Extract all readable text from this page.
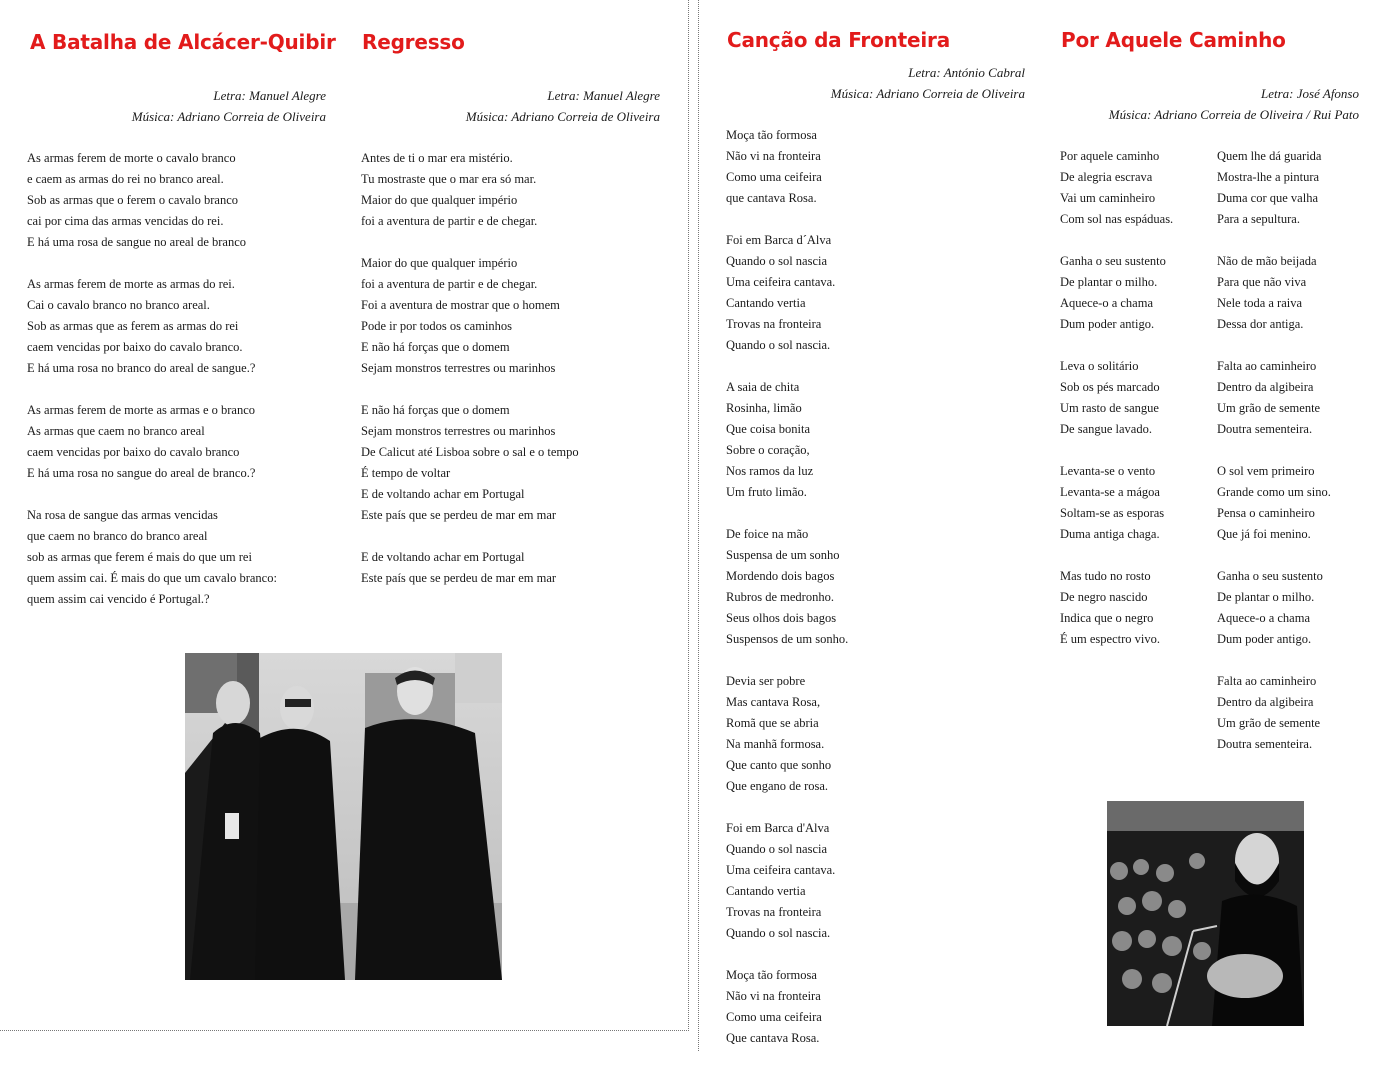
A Batalha de Alcácer-Quibir Regresso
Letra: Manuel Alegre
Música: Adriano Correia de Oliveira
Letra: Manuel Alegre
Música: Adriano Correia de Oliveira
As armas ferem de morte o cavalo branco
e caem as armas do rei no branco areal.
Sob as armas que o ferem o cavalo branco
cai por cima das armas vencidas do rei.
E há uma rosa de sangue no areal de branco
As armas ferem de morte as armas do rei.
Cai o cavalo branco no branco areal.
Sob as armas que as ferem as armas do rei
caem vencidas por baixo do cavalo branco.
E há uma rosa no branco do areal de sangue.?
As armas ferem de morte as armas e o branco
As armas que caem no branco areal
caem vencidas por baixo do cavalo branco
E há uma rosa no sangue do areal de branco.?
Na rosa de sangue das armas vencidas
que caem no branco do branco areal
sob as armas que ferem é mais do que um rei
quem assim cai. É mais do que um cavalo branco:
quem assim cai vencido é Portugal.?
Antes de ti o mar era mistério.
Tu mostraste que o mar era só mar.
Maior do que qualquer império
foi a aventura de partir e de chegar.
Maior do que qualquer império
foi a aventura de partir e de chegar.
Foi a aventura de mostrar que o homem
Pode ir por todos os caminhos
E não há forças que o domem
Sejam monstros terrestres ou marinhos
E não há forças que o domem
Sejam monstros terrestres ou marinhos
De Calicut até Lisboa sobre o sal e o tempo
É tempo de voltar
E de voltando achar em Portugal
Este país que se perdeu de mar em mar
E de voltando achar em Portugal
Este país que se perdeu de mar em mar
Canção da Fronteira	Por Aquele Caminho
Letra: António Cabral
Música: Adriano Correia de Oliveira	Letra: José Afonso
Música: Adriano Correia de Oliveira / Rui Pato
Moça tão formosa
Não vi na fronteira
Como uma ceifeira
que cantava Rosa.
Foi em Barca d´Alva
Quando o sol nascia
Uma ceifeira cantava.
Cantando vertia
Trovas na fronteira
Quando o sol nascia.
A saia de chita
Rosinha, limão
Que coisa bonita
Sobre o coração,
Nos ramos da luz
Um fruto limão.
De foice na mão
Suspensa de um sonho
Mordendo dois bagos
Rubros de medronho.
Seus olhos dois bagos
Suspensos de um sonho.
Devia ser pobre
Mas cantava Rosa,
Romã que se abria
Na manhã formosa.
Que canto que sonho
Que engano de rosa.
Foi em Barca d'Alva
Quando o sol nascia
Uma ceifeira cantava.
Cantando vertia
Trovas na fronteira
Quando o sol nascia.
Moça tão formosa
Não vi na fronteira
Como uma ceifeira
Que cantava Rosa.
Por aquele caminho
De alegria escrava
Vai um caminheiro
Com sol nas espáduas.
Ganha o seu sustento
De plantar o milho.
Aquece-o a chama
Dum poder antigo.
Leva o solitário
Sob os pés marcado
Um rasto de sangue
De sangue lavado.
Levanta-se o vento
Levanta-se a mágoa
Soltam-se as esporas
Duma antiga chaga.
Mas tudo no rosto
De negro nascido
Indica que o negro
É um espectro vivo.
Quem lhe dá guarida
Mostra-lhe a pintura
Duma cor que valha
Para a sepultura.
Não de mão beijada
Para que não viva
Nele toda a raiva
Dessa dor antiga.
Falta ao caminheiro
Dentro da algibeira
Um grão de semente
Doutra sementeira.
O sol vem primeiro
Grande como um sino.
Pensa o caminheiro
Que já foi menino.
Ganha o seu sustento
De plantar o milho.
Aquece-o a chama
Dum poder antigo.
Falta ao caminheiro
Dentro da algibeira
Um grão de semente
Doutra sementeira.
